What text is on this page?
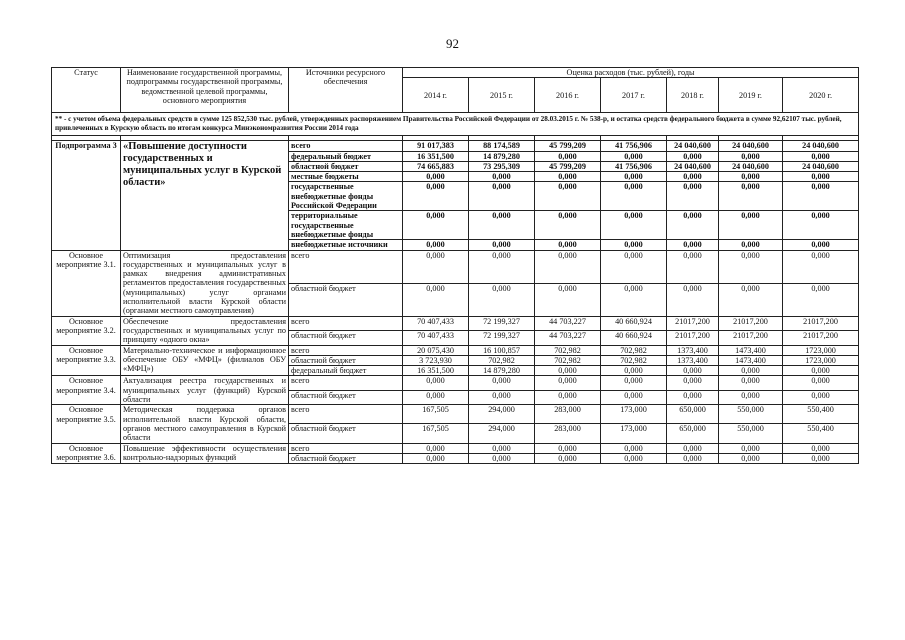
92
Статус	Наименование государственной программы, подпрограммы государственной программы, ведомственной целевой программы, основного мероприятия	Источники ресурсного обеспечения	Оценка расходов (тыс. рублей), годы						
			2014 г.	2015 г.	2016 г.	2017 г.	2018 г.	2019 г.	2020 г.
** - с учетом объема федеральных средств в сумме 125 852,530 тыс. рублей, утвержденных распоряжением Правительства Российской Федерации от 28.03.2015 г. № 538-р, и остатка средств федерального бюджета в сумме 92,62107 тыс. рублей, привлеченных в Курскую область по итогам конкурса Минэкономразвития России 2014 года									

Подпрограмма 3	«Повышение доступности государственных и муниципальных услуг в Курской области»	всего	91 017,383	88 174,589	45 799,209	41 756,906	24 040,600	24 040,600	24 040,600
		федеральный бюджет	16 351,500	14 879,280	0,000	0,000	0,000	0,000	0,000
		областной бюджет	74 665,883	73 295,309	45 799,209	41 756,906	24 040,600	24 040,600	24 040,600
		местные бюджеты	0,000	0,000	0,000	0,000	0,000	0,000	0,000
		государственные внебюджетные фонды Российской Федерации	0,000	0,000	0,000	0,000	0,000	0,000	0,000
		территориальные государственные внебюджетные фонды	0,000	0,000	0,000	0,000	0,000	0,000	0,000
		внебюджетные источники	0,000	0,000	0,000	0,000	0,000	0,000	0,000
Основное мероприятие 3.1.	Оптимизация предоставления государственных и муниципальных услуг в рамках внедрения административных регламентов предоставления государственных (муниципальных) услуг органами исполнительной власти Курской области (органами местного самоуправления)	всего	0,000	0,000	0,000	0,000	0,000	0,000	0,000
		областной бюджет	0,000	0,000	0,000	0,000	0,000	0,000	0,000
Основное мероприятие 3.2.	Обеспечение предоставления государственных и муниципальных услуг по принципу «одного окна»	всего	70 407,433	72 199,327	44 703,227	40 660,924	21017,200	21017,200	21017,200
		областной бюджет	70 407,433	72 199,327	44 703,227	40 660,924	21017,200	21017,200	21017,200
Основное мероприятие 3.3.	Материально-техническое и информационное обеспечение ОБУ «МФЦ» (филиалов ОБУ «МФЦ»)	всего	20 075,430	16 100,857	702,982	702,982	1373,400	1473,400	1723,000
		областной бюджет	3 723,930	702,982	702,982	702,982	1373,400	1473,400	1723,000
		федеральный бюджет	16 351,500	14 879,280	0,000	0,000	0,000	0,000	0,000
Основное мероприятие 3.4.	Актуализация реестра государственных и муниципальных услуг (функций) Курской области	всего	0,000	0,000	0,000	0,000	0,000	0,000	0,000
		областной бюджет	0,000	0,000	0,000	0,000	0,000	0,000	0,000
Основное мероприятие 3.5.	Методическая поддержка органов исполнительной власти Курской области, органов местного самоуправления в Курской области	всего	167,505	294,000	283,000	173,000	650,000	550,000	550,400
		областной бюджет	167,505	294,000	283,000	173,000	650,000	550,000	550,400
Основное мероприятие 3.6.	Повышение эффективности осуществления контрольно-надзорных функций	всего	0,000	0,000	0,000	0,000	0,000	0,000	0,000
		областной бюджет	0,000	0,000	0,000	0,000	0,000	0,000	0,000
